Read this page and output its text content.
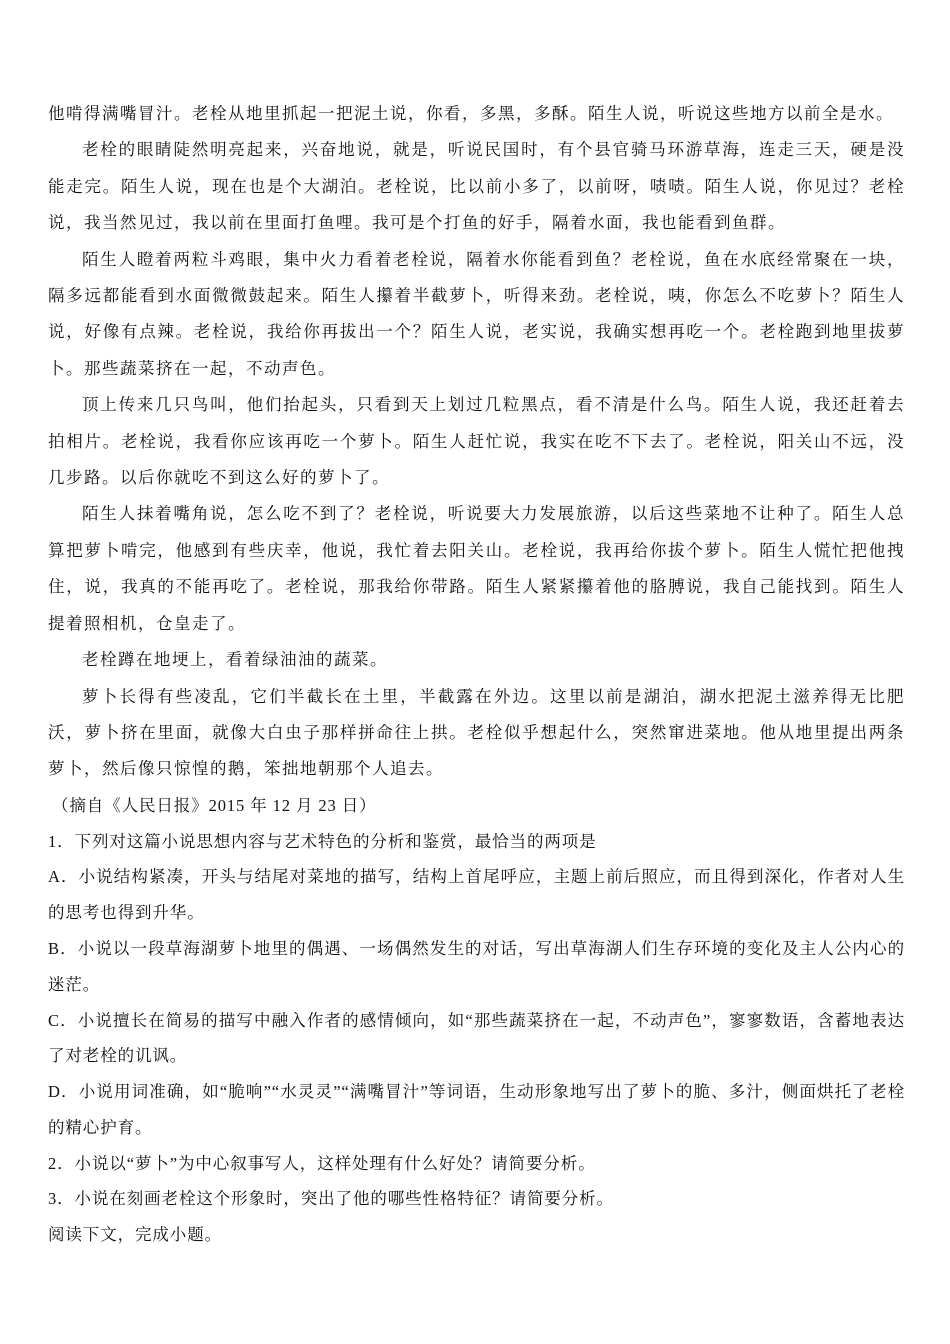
他啃得满嘴冒汁。老栓从地里抓起一把泥土说，你看，多黑，多酥。陌生人说，听说这些地方以前全是水。

老栓的眼睛陡然明亮起来，兴奋地说，就是，听说民国时，有个县官骑马环游草海，连走三天，硬是没能走完。陌生人说，现在也是个大湖泊。老栓说，比以前小多了，以前呀，啧啧。陌生人说，你见过？老栓说，我当然见过，我以前在里面打鱼哩。我可是个打鱼的好手，隔着水面，我也能看到鱼群。

陌生人瞪着两粒斗鸡眼，集中火力看着老栓说，隔着水你能看到鱼？老栓说，鱼在水底经常聚在一块，隔多远都能看到水面微微鼓起来。陌生人攥着半截萝卜，听得来劲。老栓说，咦，你怎么不吃萝卜？陌生人说，好像有点辣。老栓说，我给你再拔出一个？陌生人说，老实说，我确实想再吃一个。老栓跑到地里拔萝卜。那些蔬菜挤在一起，不动声色。

顶上传来几只鸟叫，他们抬起头，只看到天上划过几粒黑点，看不清是什么鸟。陌生人说，我还赶着去拍相片。老栓说，我看你应该再吃一个萝卜。陌生人赶忙说，我实在吃不下去了。老栓说，阳关山不远，没几步路。以后你就吃不到这么好的萝卜了。

陌生人抹着嘴角说，怎么吃不到了？老栓说，听说要大力发展旅游，以后这些菜地不让种了。陌生人总算把萝卜啃完，他感到有些庆幸，他说，我忙着去阳关山。老栓说，我再给你拔个萝卜。陌生人慌忙把他拽住，说，我真的不能再吃了。老栓说，那我给你带路。陌生人紧紧攥着他的胳膊说，我自己能找到。陌生人提着照相机，仓皇走了。

老栓蹲在地埂上，看着绿油油的蔬菜。

萝卜长得有些凌乱，它们半截长在土里，半截露在外边。这里以前是湖泊，湖水把泥土滋养得无比肥沃，萝卜挤在里面，就像大白虫子那样拼命往上拱。老栓似乎想起什么，突然窜进菜地。他从地里提出两条萝卜，然后像只惊惶的鹅，笨拙地朝那个人追去。

（摘自《人民日报》2015 年 12 月 23 日）

1．下列对这篇小说思想内容与艺术特色的分析和鉴赏，最恰当的两项是

A．小说结构紧凑，开头与结尾对菜地的描写，结构上首尾呼应，主题上前后照应，而且得到深化，作者对人生的思考也得到升华。

B．小说以一段草海湖萝卜地里的偶遇、一场偶然发生的对话，写出草海湖人们生存环境的变化及主人公内心的迷茫。

C．小说擅长在简易的描写中融入作者的感情倾向，如“那些蔬菜挤在一起，不动声色”，寥寥数语，含蓄地表达了对老栓的讥讽。

D．小说用词准确，如“脆响”“水灵灵”“满嘴冒汁”等词语，生动形象地写出了萝卜的脆、多汁，侧面烘托了老栓的精心护育。

2．小说以“萝卜”为中心叙事写人，这样处理有什么好处？请简要分析。

3．小说在刻画老栓这个形象时，突出了他的哪些性格特征？请简要分析。

阅读下文，完成小题。
